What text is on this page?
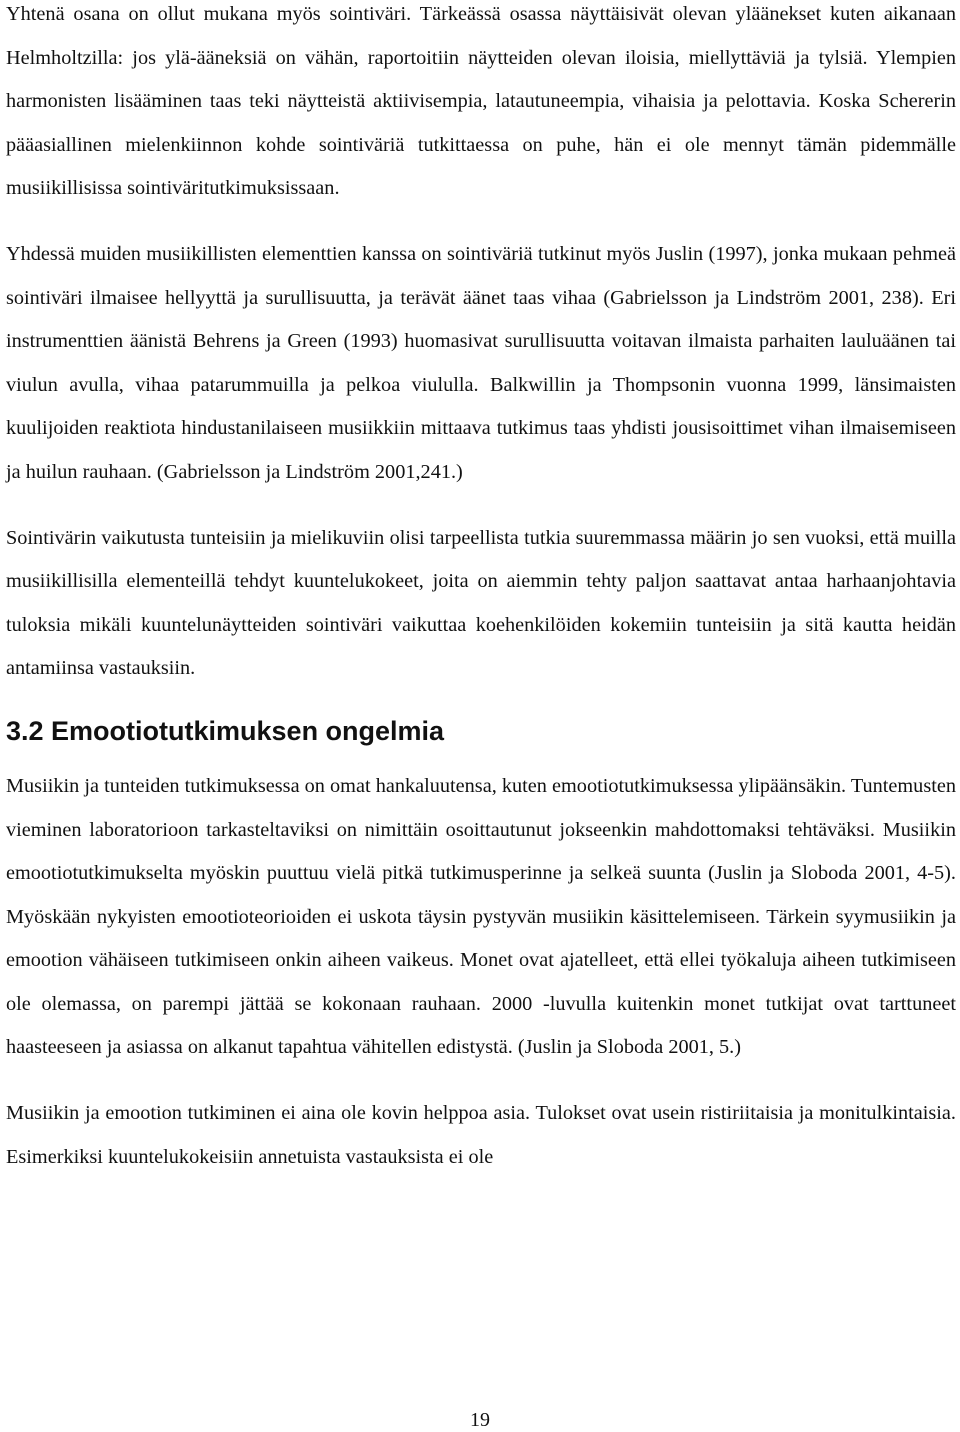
Yhtenä osana on ollut mukana myös sointiväri. Tärkeässä osassa näyttäisivät olevan yläänekset kuten aikanaan Helmholtzilla: jos ylä-ääneksiä on vähän, raportoitiin näytteiden olevan iloisia, miellyttäviä ja tylsiä. Ylempien harmonisten lisääminen taas teki näytteistä aktiivisempia, latautuneempia, vihaisia ja pelottavia. Koska Schererin pääasiallinen mielenkiinnon kohde sointiväriä tutkittaessa on puhe, hän ei ole mennyt tämän pidemmälle musiikillisissa sointiväritutkimuksissaan.

Yhdessä muiden musiikillisten elementtien kanssa on sointiväriä tutkinut myös Juslin (1997), jonka mukaan pehmeä sointiväri ilmaisee hellyyttä ja surullisuutta, ja terävät äänet taas vihaa (Gabrielsson ja Lindström 2001, 238). Eri instrumenttien äänistä Behrens ja Green (1993) huomasivat surullisuutta voitavan ilmaista parhaiten lauluäänen tai viulun avulla, vihaa patarummuilla ja pelkoa viululla. Balkwillin ja Thompsonin vuonna 1999, länsimaisten kuulijoiden reaktiota hindustanilaiseen musiikkiin mittaava tutkimus taas yhdisti jousisoittimet vihan ilmaisemiseen ja huilun rauhaan. (Gabrielsson ja Lindström 2001,241.)

Sointivärin vaikutusta tunteisiin ja mielikuviin olisi tarpeellista tutkia suuremmassa määrin jo sen vuoksi, että muilla musiikillisilla elementeillä tehdyt kuuntelukokeet, joita on aiemmin tehty paljon saattavat antaa harhaanjohtavia tuloksia mikäli kuuntelunäytteiden sointiväri vaikuttaa koehenkilöiden kokemiin tunteisiin ja sitä kautta heidän antamiinsa vastauksiin.

3.2 Emootiotutkimuksen ongelmia

Musiikin ja tunteiden tutkimuksessa on omat hankaluutensa, kuten emootiotutkimuksessa ylipäänsäkin. Tuntemusten vieminen laboratorioon tarkasteltaviksi on nimittäin osoittautunut jokseenkin mahdottomaksi tehtäväksi. Musiikin emootiotutkimukselta myöskin puuttuu vielä pitkä tutkimusperinne ja selkeä suunta (Juslin ja Sloboda 2001, 4-5). Myöskään nykyisten emootioteorioiden ei uskota täysin pystyvän musiikin käsittelemiseen. Tärkein syymusiikin ja emootion vähäiseen tutkimiseen onkin aiheen vaikeus. Monet ovat ajatelleet, että ellei työkaluja aiheen tutkimiseen ole olemassa, on parempi jättää se kokonaan rauhaan. 2000 -luvulla kuitenkin monet tutkijat ovat tarttuneet haasteeseen ja asiassa on alkanut tapahtua vähitellen edistystä. (Juslin ja Sloboda 2001, 5.)

Musiikin ja emootion tutkiminen ei aina ole kovin helppoa asia. Tulokset ovat usein ristiriitaisia ja monitulkintaisia. Esimerkiksi kuuntelukokeisiin annetuista vastauksista ei ole

19
